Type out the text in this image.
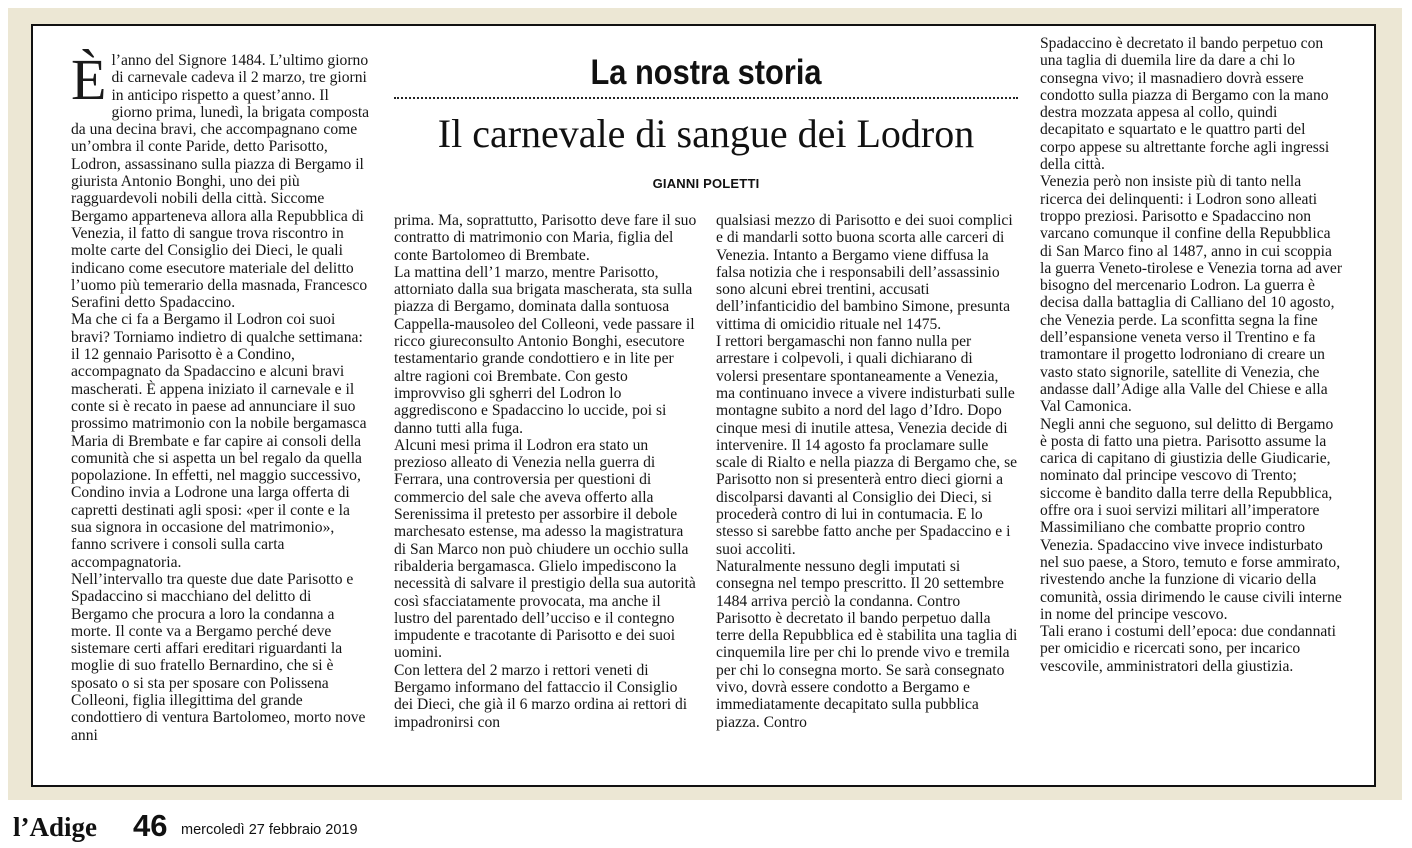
La nostra storia
Il carnevale di sangue dei Lodron
GIANNI POLETTI
È l’anno del Signore 1484. L’ultimo giorno di carnevale cadeva il 2 marzo, tre giorni in anticipo rispetto a quest’anno. Il giorno prima, lunedì, la brigata composta da una decina bravi, che accompagnano come un’ombra il conte Paride, detto Parisotto, Lodron, assassinano sulla piazza di Bergamo il giurista Antonio Bonghi, uno dei più ragguardevoli nobili della città. Siccome Bergamo apparteneva allora alla Repubblica di Venezia, il fatto di sangue trova riscontro in molte carte del Consiglio dei Dieci, le quali indicano come esecutore materiale del delitto l’uomo più temerario della masnada, Francesco Serafini detto Spadaccino.

Ma che ci fa a Bergamo il Lodron coi suoi bravi? Torniamo indietro di qualche settimana: il 12 gennaio Parisotto è a Condino, accompagnato da Spadaccino e alcuni bravi mascherati. È appena iniziato il carnevale e il conte si è recato in paese ad annunciare il suo prossimo matrimonio con la nobile bergamasca Maria di Brembate e far capire ai consoli della comunità che si aspetta un bel regalo da quella popolazione. In effetti, nel maggio successivo, Condino invia a Lodrone una larga offerta di capretti destinati agli sposi: «per il conte e la sua signora in occasione del matrimonio», fanno scrivere i consoli sulla carta accompagnatoria.

Nell’intervallo tra queste due date Parisotto e Spadaccino si macchiano del delitto di Bergamo che procura a loro la condanna a morte. Il conte va a Bergamo perché deve sistemare certi affari ereditari riguardanti la moglie di suo fratello Bernardino, che si è sposato o si sta per sposare con Polissena Colleoni, figlia illegittima del grande condottiero di ventura Bartolomeo, morto nove anni

prima. Ma, soprattutto, Parisotto deve fare il suo contratto di matrimonio con Maria, figlia del conte Bartolomeo di Brembate.

La mattina dell’1 marzo, mentre Parisotto, attorniato dalla sua brigata mascherata, sta sulla piazza di Bergamo, dominata dalla sontuosa Cappella-mausoleo del Colleoni, vede passare il ricco giureconsulto Antonio Bonghi, esecutore testamentario grande condottiero e in lite per altre ragioni coi Brembate. Con gesto improvviso gli sgherri del Lodron lo aggrediscono e Spadaccino lo uccide, poi si danno tutti alla fuga.

Alcuni mesi prima il Lodron era stato un prezioso alleato di Venezia nella guerra di Ferrara, una controversia per questioni di commercio del sale che aveva offerto alla Serenissima il pretesto per assorbire il debole marchesato estense, ma adesso la magistratura di San Marco non può chiudere un occhio sulla ribalderia bergamasca. Glielo impediscono la necessità di salvare il prestigio della sua autorità così sfacciatamente provocata, ma anche il lustro del parentado dell’ucciso e il contegno impudente e tracotante di Parisotto e dei suoi uomini.

Con lettera del 2 marzo i rettori veneti di Bergamo informano del fattaccio il Consiglio dei Dieci, che già il 6 marzo ordina ai rettori di impadronirsi con

qualsiasi mezzo di Parisotto e dei suoi complici e di mandarli sotto buona scorta alle carceri di Venezia. Intanto a Bergamo viene diffusa la falsa notizia che i responsabili dell’assassinio sono alcuni ebrei trentini, accusati dell’infanticidio del bambino Simone, presunta vittima di omicidio rituale nel 1475.

I rettori bergamaschi non fanno nulla per arrestare i colpevoli, i quali dichiarano di volersi presentare spontaneamente a Venezia, ma continuano invece a vivere indisturbati sulle montagne subito a nord del lago d’Idro. Dopo cinque mesi di inutile attesa, Venezia decide di intervenire. Il 14 agosto fa proclamare sulle scale di Rialto e nella piazza di Bergamo che, se Parisotto non si presenterà entro dieci giorni a discolparsi davanti al Consiglio dei Dieci, si procederà contro di lui in contumacia. E lo stesso si sarebbe fatto anche per Spadaccino e i suoi accoliti.

Naturalmente nessuno degli imputati si consegna nel tempo prescritto. Il 20 settembre 1484 arriva perciò la condanna. Contro Parisotto è decretato il bando perpetuo dalla terre della Repubblica ed è stabilita una taglia di cinquemila lire per chi lo prende vivo e tremila per chi lo consegna morto. Se sarà consegnato vivo, dovrà essere condotto a Bergamo e immediatamente decapitato sulla pubblica piazza. Contro

Spadaccino è decretato il bando perpetuo con una taglia di duemila lire da dare a chi lo consegna vivo; il masnadiero dovrà essere condotto sulla piazza di Bergamo con la mano destra mozzata appesa al collo, quindi decapitato e squartato e le quattro parti del corpo appese su altrettante forche agli ingressi della città.

Venezia però non insiste più di tanto nella ricerca dei delinquenti: i Lodron sono alleati troppo preziosi. Parisotto e Spadaccino non varcano comunque il confine della Repubblica di San Marco fino al 1487, anno in cui scoppia la guerra Veneto-tirolese e Venezia torna ad aver bisogno del mercenario Lodron. La guerra è decisa dalla battaglia di Calliano del 10 agosto, che Venezia perde. La sconfitta segna la fine dell’espansione veneta verso il Trentino e fa tramontare il progetto lodroniano di creare un vasto stato signorile, satellite di Venezia, che andasse dall’Adige alla Valle del Chiese e alla Val Camonica.

Negli anni che seguono, sul delitto di Bergamo è posta di fatto una pietra. Parisotto assume la carica di capitano di giustizia delle Giudicarie, nominato dal principe vescovo di Trento; siccome è bandito dalla terre della Repubblica, offre ora i suoi servizi militari all’imperatore Massimiliano che combatte proprio contro Venezia. Spadaccino vive invece indisturbato nel suo paese, a Storo, temuto e forse ammirato, rivestendo anche la funzione di vicario della comunità, ossia dirimendo le cause civili interne in nome del principe vescovo.

Tali erano i costumi dell’epoca: due condannati per omicidio e ricercati sono, per incarico vescovile, amministratori della giustizia.

l’Adige 46 mercoledì 27 febbraio 2019
